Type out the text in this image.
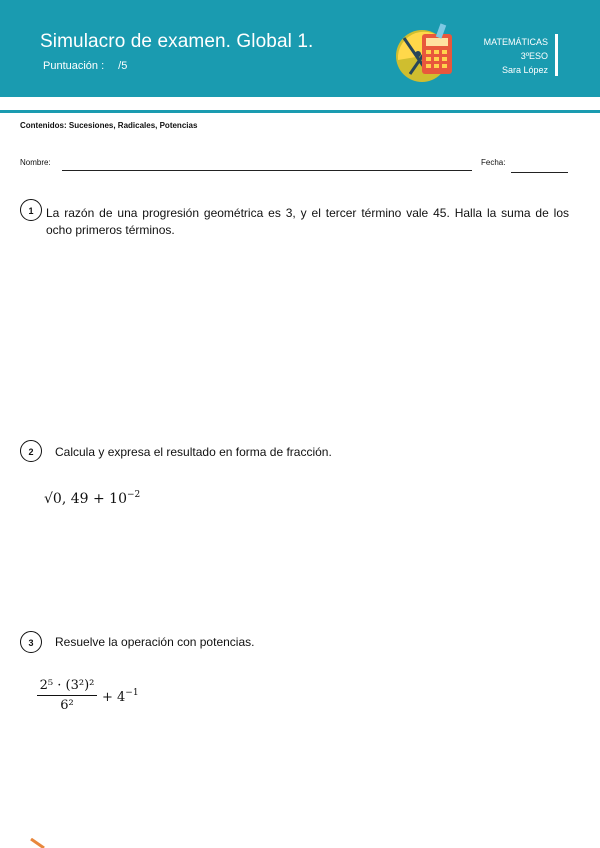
Simulacro de examen. Global 1.
Puntuación : /5
MATEMÁTICAS
3ºESO
Sara López
Contenidos: Sucesiones, Radicales, Potencias
Nombre:	Fecha:
1	La razón de una progresión geométrica es 3, y el tercer término vale 45. Halla la suma de los ocho primeros términos.
2	Calcula y expresa el resultado en forma de fracción.
√0, $49 + 10^{-2}$
3	Resuelve la operación con potencias.
2⁵ · (3²)²
6²
+ $4^{-1}$
